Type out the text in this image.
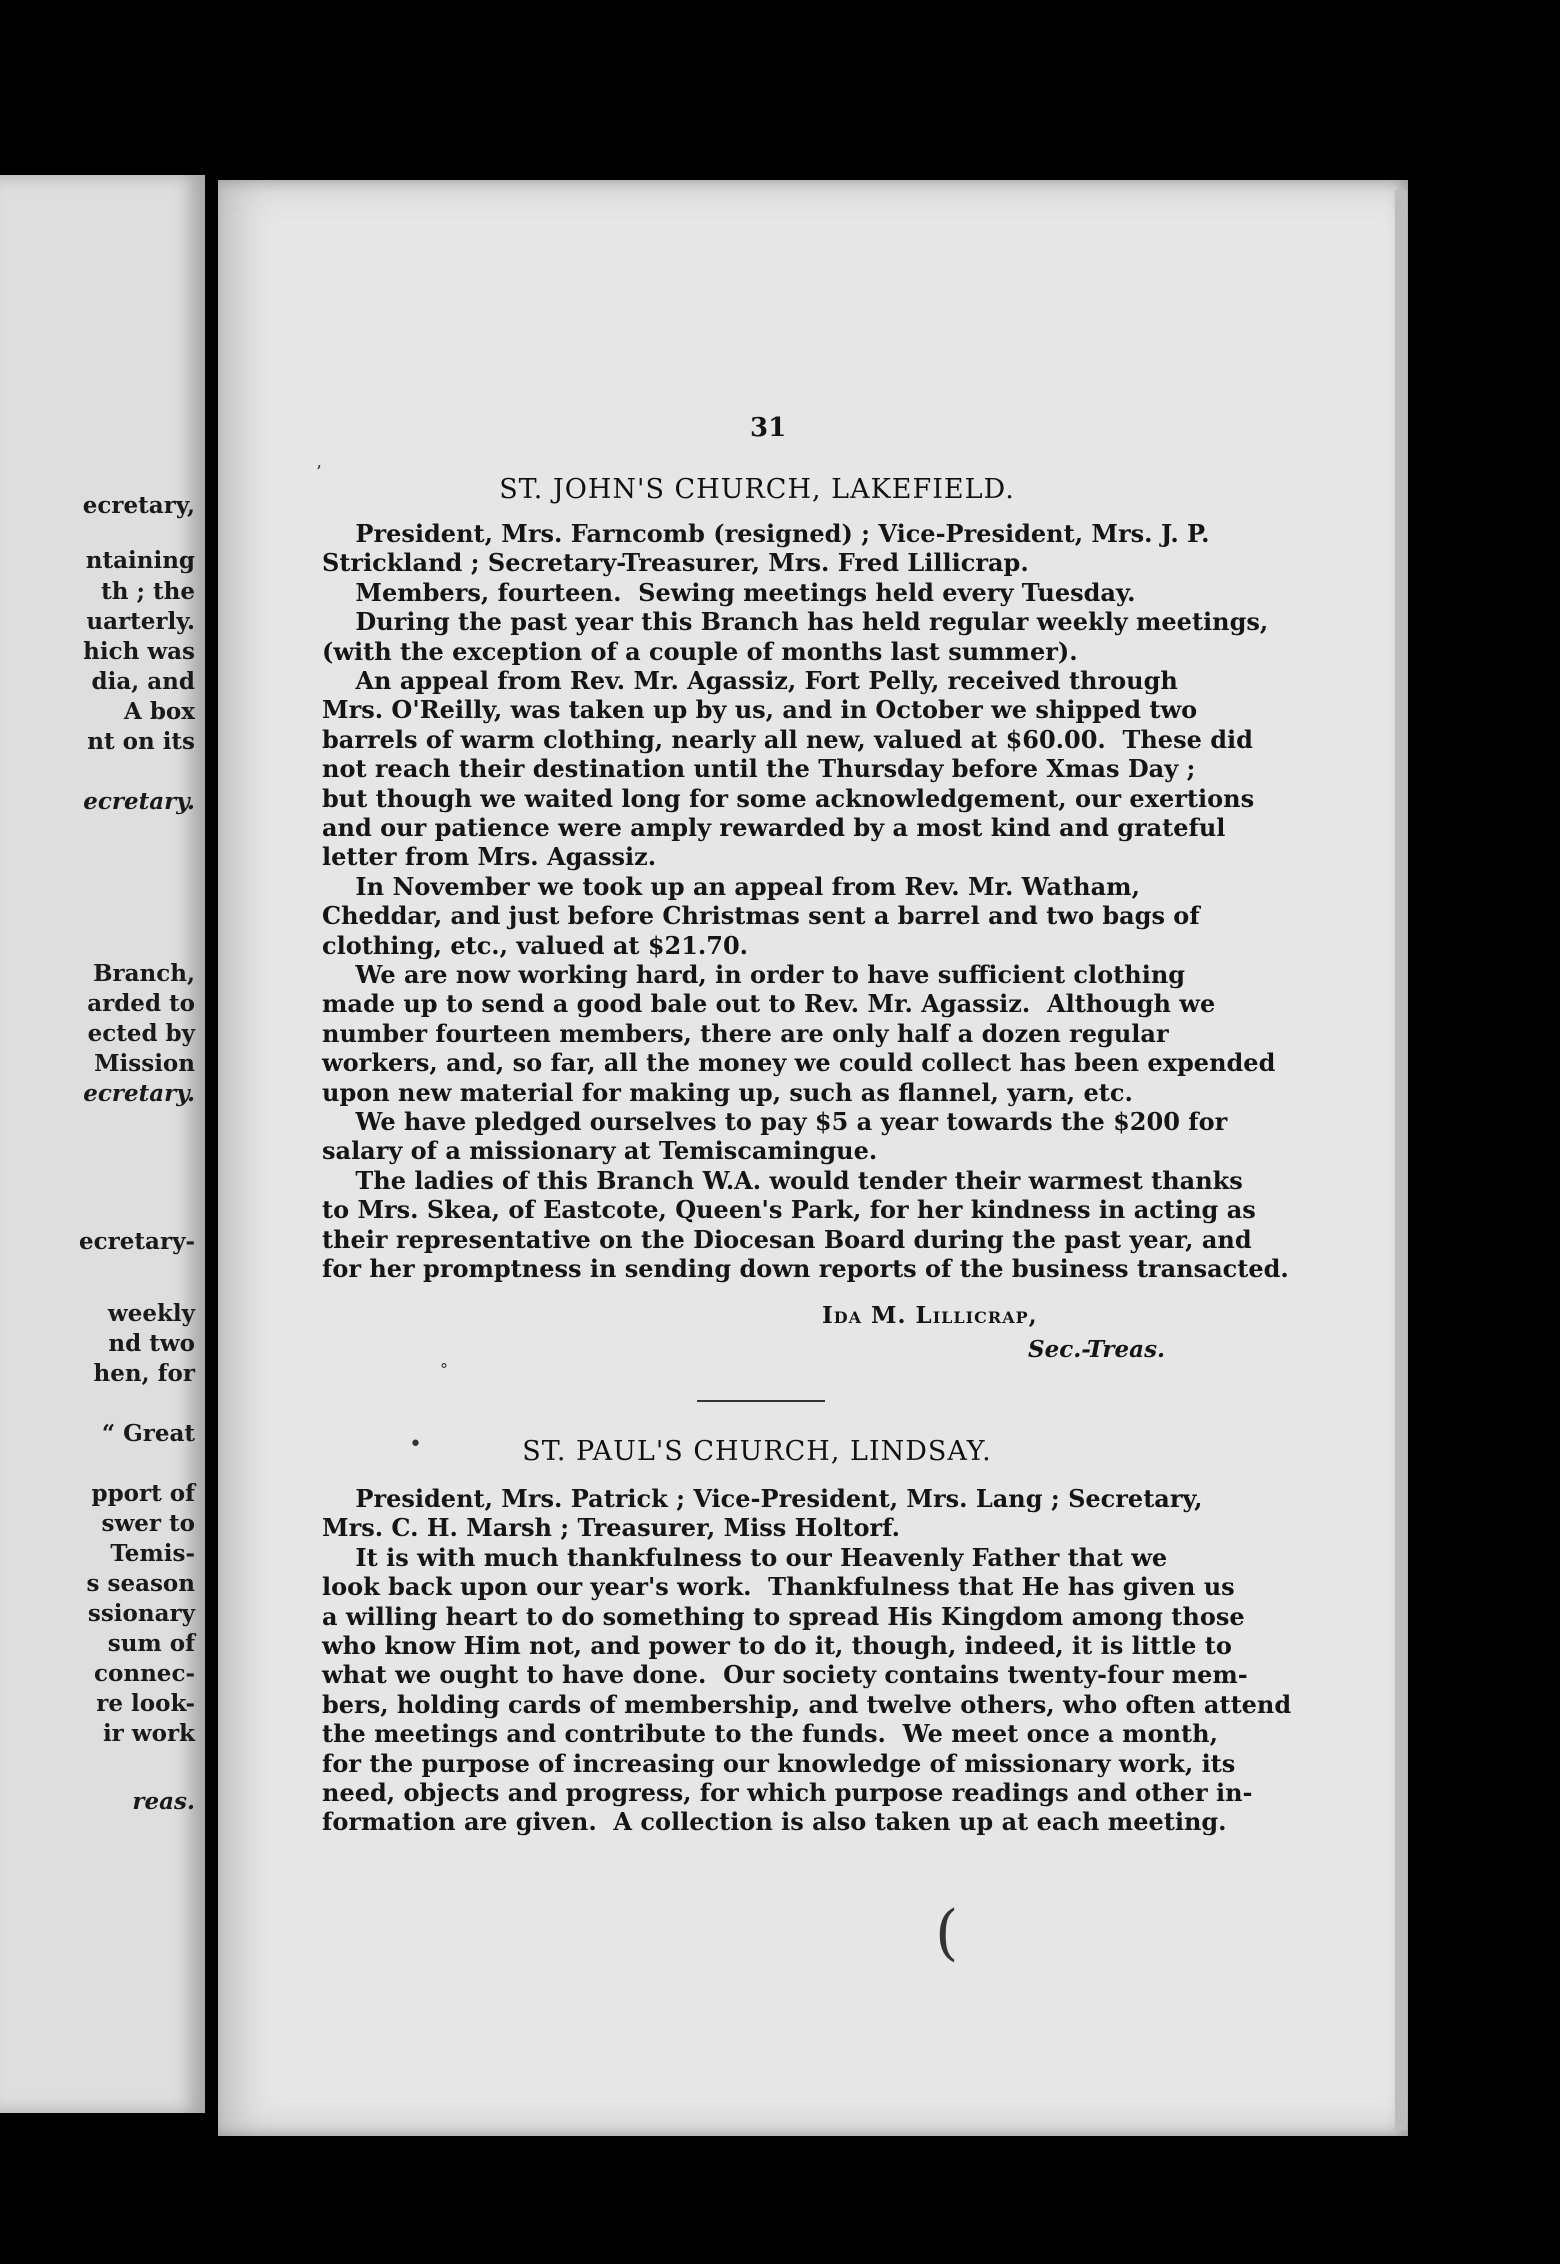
ecretary,

ntaining

th ; the

uarterly.

hich was

dia, and

A box

nt on its

ecretary.

Branch,

arded to

ected by

Mission

ecretary.

ecretary-

weekly

nd two

hen, for

“ Great

pport of

swer to

Temis-

s season

ssionary

sum of

connec-

re look-

ir work

reas.

31

ST. JOHN'S CHURCH, LAKEFIELD.

President, Mrs. Farncomb (resigned) ; Vice-President, Mrs. J. P.

Strickland ; Secretary-Treasurer, Mrs. Fred Lillicrap.

Members, fourteen.  Sewing meetings held every Tuesday.

During the past year this Branch has held regular weekly meetings,

(with the exception of a couple of months last summer).

An appeal from Rev. Mr. Agassiz, Fort Pelly, received through

Mrs. O'Reilly, was taken up by us, and in October we shipped two

barrels of warm clothing, nearly all new, valued at $60.00.  These did

not reach their destination until the Thursday before Xmas Day ;

but though we waited long for some acknowledgement, our exertions

and our patience were amply rewarded by a most kind and grateful

letter from Mrs. Agassiz.

In November we took up an appeal from Rev. Mr. Watham,

Cheddar, and just before Christmas sent a barrel and two bags of

clothing, etc., valued at $21.70.

We are now working hard, in order to have sufficient clothing

made up to send a good bale out to Rev. Mr. Agassiz.  Although we

number fourteen members, there are only half a dozen regular

workers, and, so far, all the money we could collect has been expended

upon new material for making up, such as flannel, yarn, etc.

We have pledged ourselves to pay $5 a year towards the $200 for

salary of a missionary at Temiscamingue.

The ladies of this Branch W.A. would tender their warmest thanks

to Mrs. Skea, of Eastcote, Queen's Park, for her kindness in acting as

their representative on the Diocesan Board during the past year, and

for her promptness in sending down reports of the business transacted.

Ida M. Lillicrap,

Sec.-Treas.

ST. PAUL'S CHURCH, LINDSAY.

President, Mrs. Patrick ; Vice-President, Mrs. Lang ; Secretary,

Mrs. C. H. Marsh ; Treasurer, Miss Holtorf.

It is with much thankfulness to our Heavenly Father that we

look back upon our year's work.  Thankfulness that He has given us

a willing heart to do something to spread His Kingdom among those

who know Him not, and power to do it, though, indeed, it is little to

what we ought to have done.  Our society contains twenty-four mem-

bers, holding cards of membership, and twelve others, who often attend

the meetings and contribute to the funds.  We meet once a month,

for the purpose of increasing our knowledge of missionary work, its

need, objects and progress, for which purpose readings and other in-

formation are given.  A collection is also taken up at each meeting.

’
•
°
(
